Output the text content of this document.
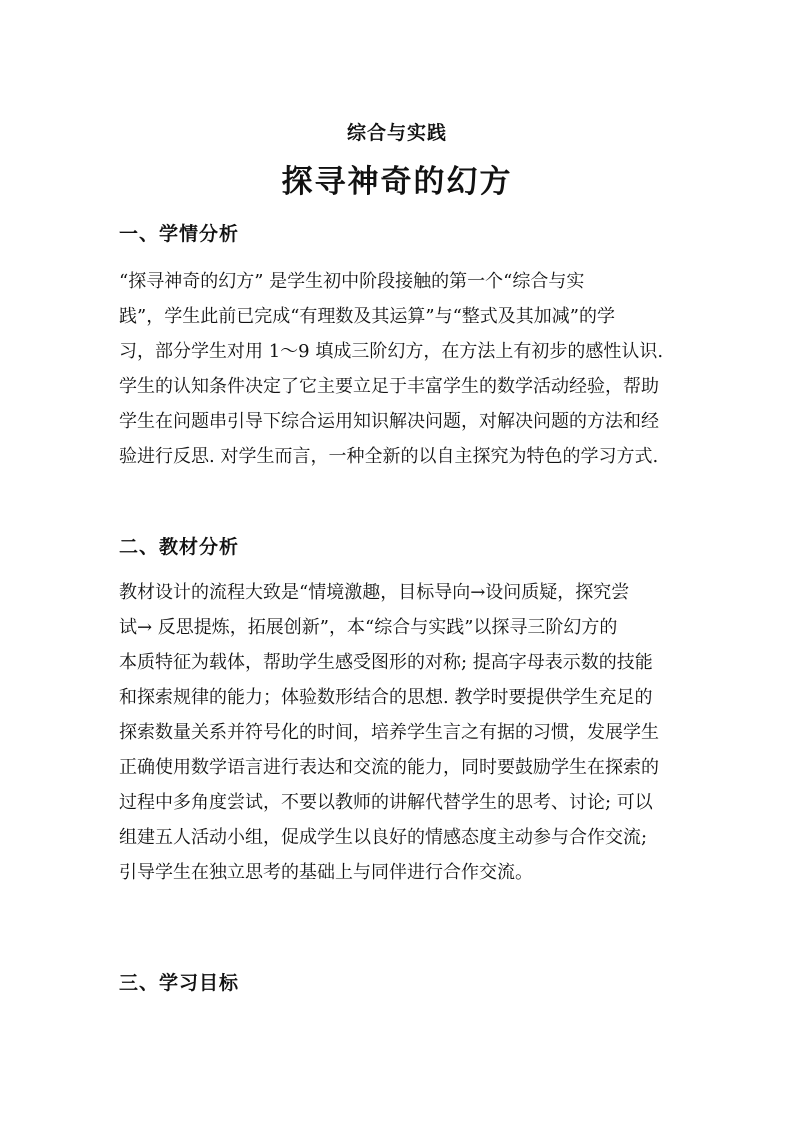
综合与实践
探寻神奇的幻方
一、学情分析
“探寻神奇的幻方” 是学生初中阶段接触的第一个“综合与实
践”，学生此前已完成“有理数及其运算”与“整式及其加减”的学
习，部分学生对用 1～9 填成三阶幻方，在方法上有初步的感性认识.
学生的认知条件决定了它主要立足于丰富学生的数学活动经验，帮助
学生在问题串引导下综合运用知识解决问题，对解决问题的方法和经
验进行反思. 对学生而言，一种全新的以自主探究为特色的学习方式.
二、教材分析
教材设计的流程大致是“情境激趣，目标导向→设问质疑，探究尝
试→ 反思提炼，拓展创新”，本“综合与实践”以探寻三阶幻方的
本质特征为载体，帮助学生感受图形的对称; 提高字母表示数的技能
和探索规律的能力；体验数形结合的思想. 教学时要提供学生充足的
探索数量关系并符号化的时间，培养学生言之有据的习惯，发展学生
正确使用数学语言进行表达和交流的能力，同时要鼓励学生在探索的
过程中多角度尝试，不要以教师的讲解代替学生的思考、讨论; 可以
组建五人活动小组，促成学生以良好的情感态度主动参与合作交流;
引导学生在独立思考的基础上与同伴进行合作交流。
三、学习目标
